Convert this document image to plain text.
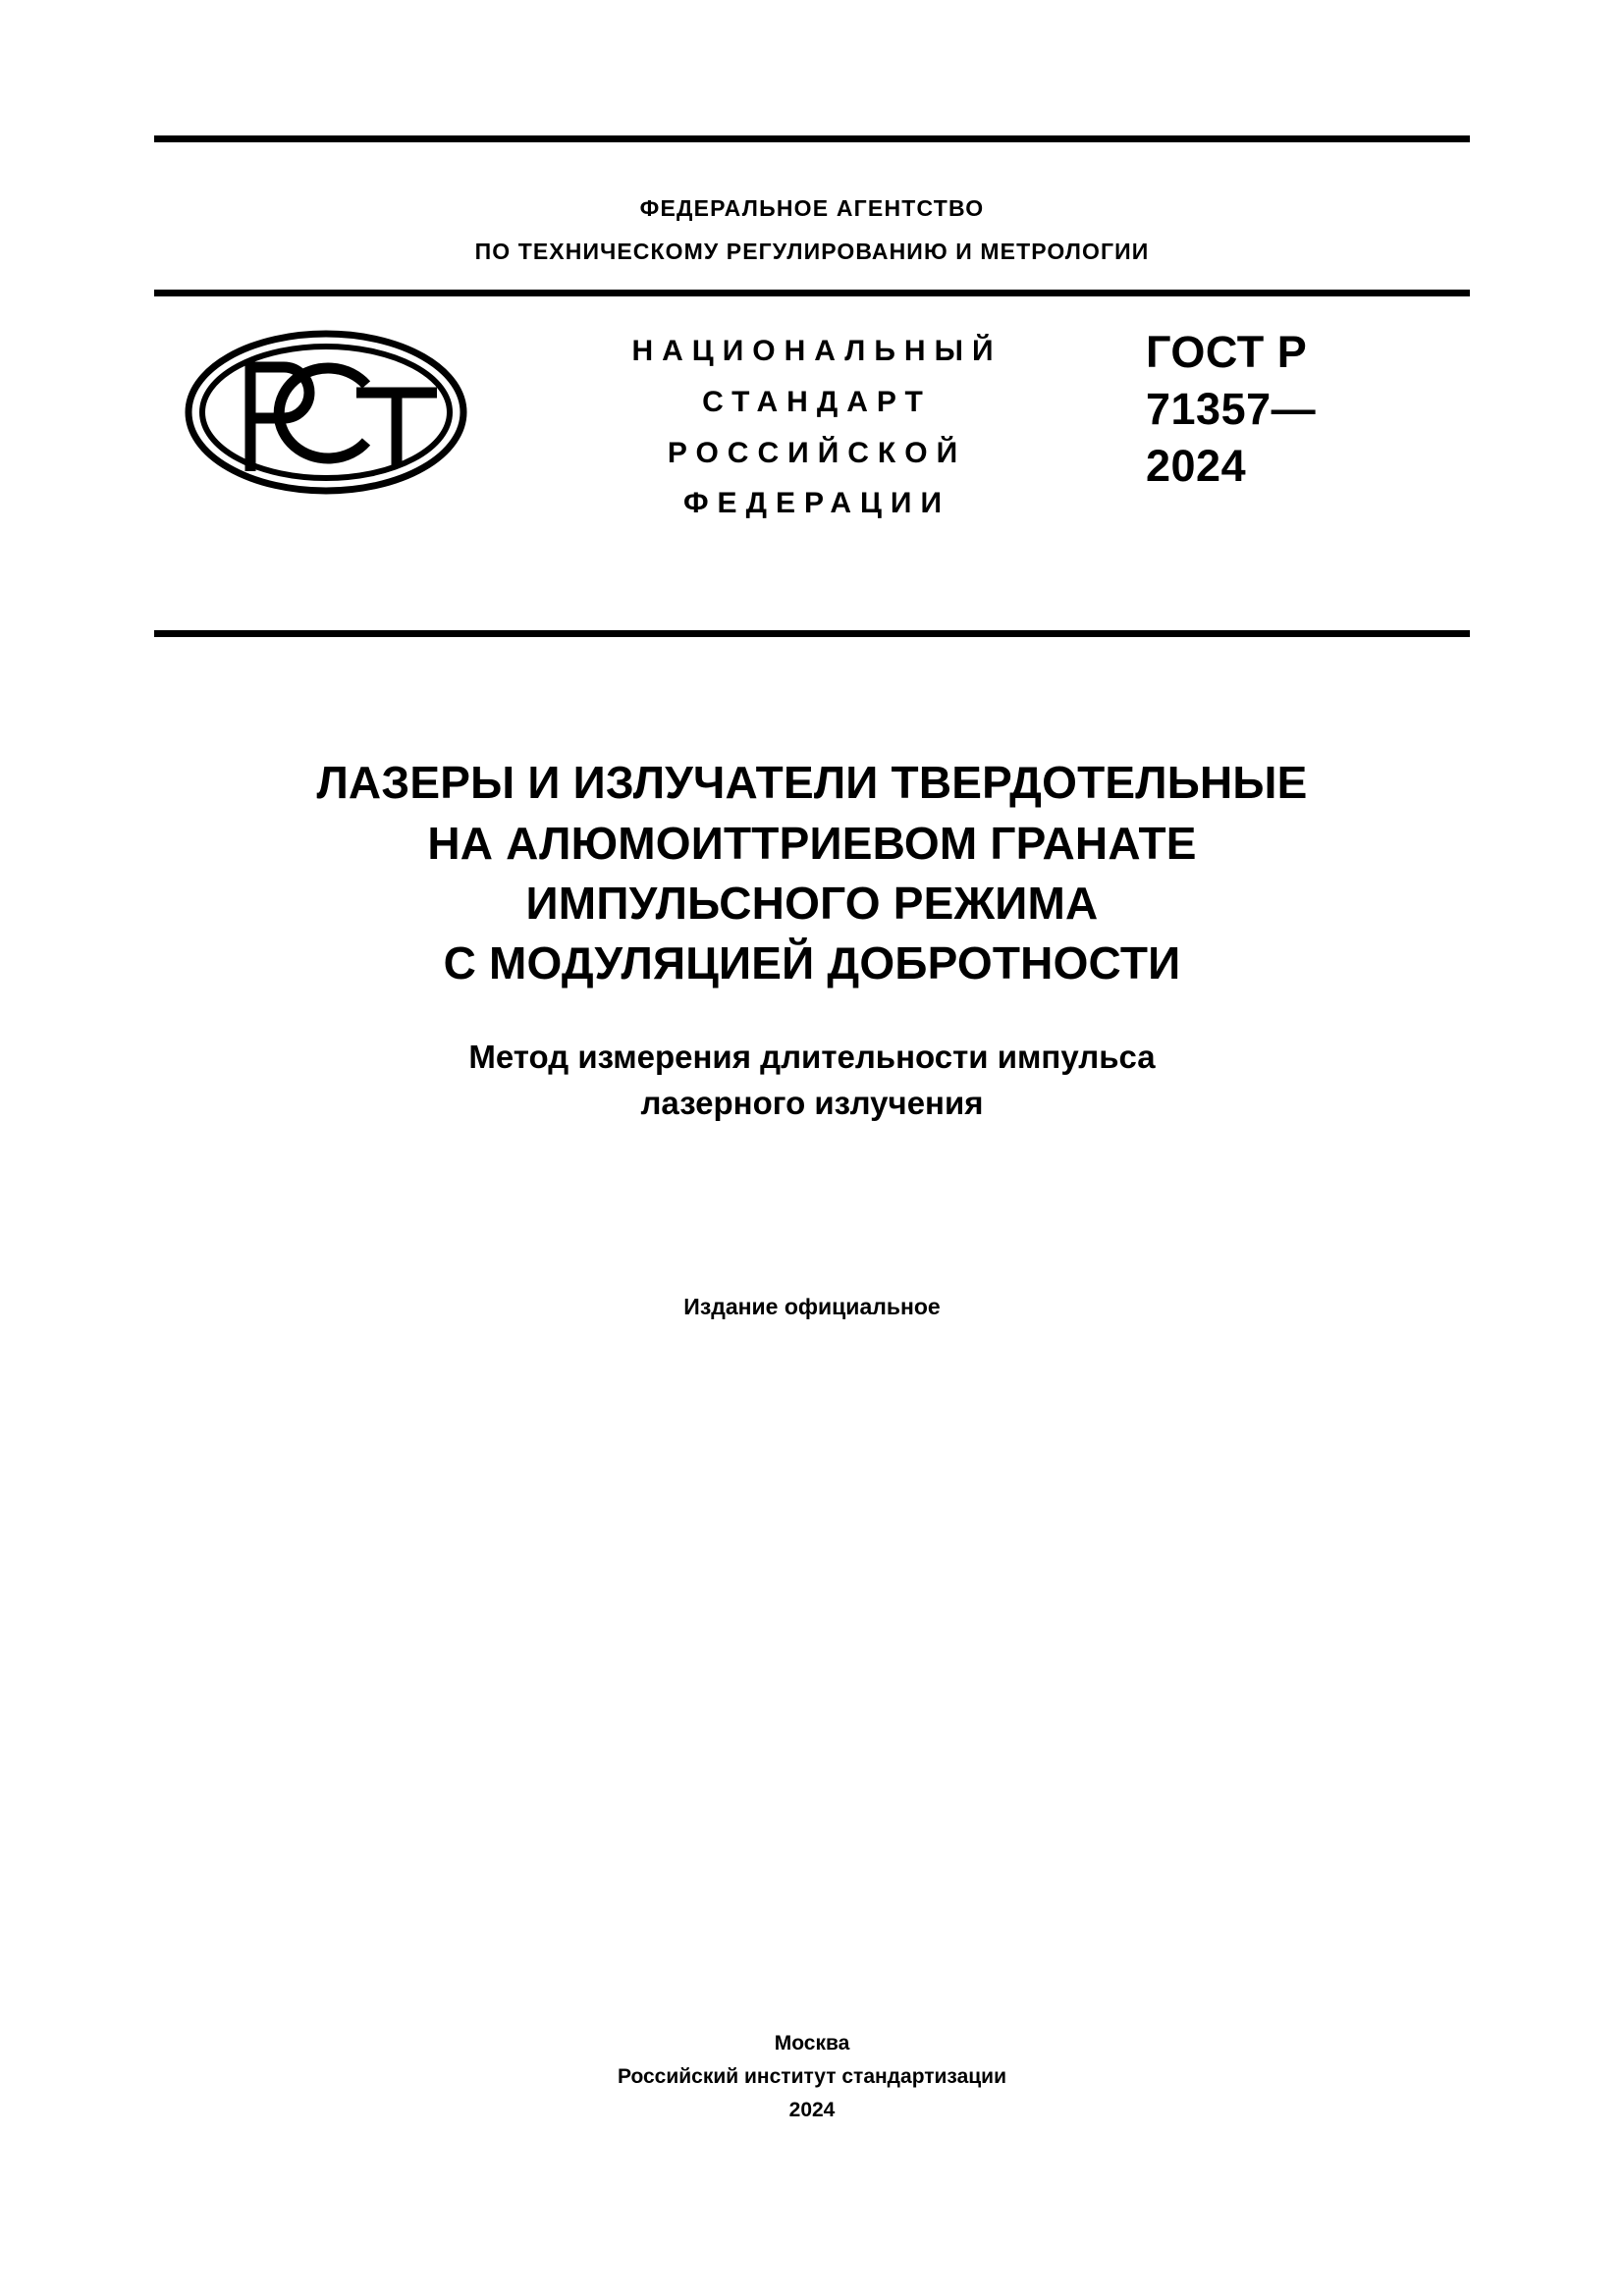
ФЕДЕРАЛЬНОЕ АГЕНТСТВО
ПО ТЕХНИЧЕСКОМУ РЕГУЛИРОВАНИЮ И МЕТРОЛОГИИ
НАЦИОНАЛЬНЫЙ
СТАНДАРТ
РОССИЙСКОЙ
ФЕДЕРАЦИИ
ГОСТ Р
71357—
2024
ЛАЗЕРЫ И ИЗЛУЧАТЕЛИ ТВЕРДОТЕЛЬНЫЕ
НА АЛЮМОИТТРИЕВОМ ГРАНАТЕ
ИМПУЛЬСНОГО РЕЖИМА
С МОДУЛЯЦИЕЙ ДОБРОТНОСТИ
Метод измерения длительности импульса
лазерного излучения
Издание официальное
Москва
Российский институт стандартизации
2024
